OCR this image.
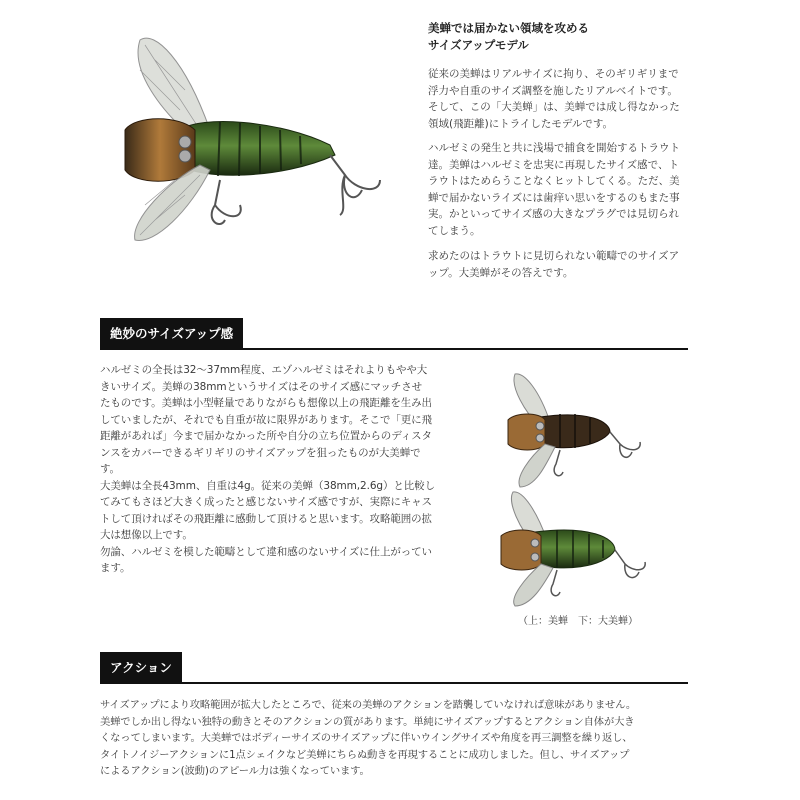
美蝉では届かない領域を攻める
サイズアップモデル

従来の美蝉はリアルサイズに拘り、そのギリギリまで
浮力や自重のサイズ調整を施したリアルベイトです。
そして、この「大美蝉」は、美蝉では成し得なかった
領域(飛距離)にトライしたモデルです。

ハルゼミの発生と共に浅場で捕食を開始するトラウト
達。美蝉はハルゼミを忠実に再現したサイズ感で、ト
ラウトはためらうことなくヒットしてくる。ただ、美
蝉で届かないライズには歯痒い思いをするのもまた事
実。かといってサイズ感の大きなプラグでは見切られ
てしまう。

求めたのはトラウトに見切られない範疇でのサイズア
ップ。大美蝉がその答えです。

絶妙のサイズアップ感

ハルゼミの全長は32～37mm程度、エゾハルゼミはそれよりもやや大
きいサイズ。美蝉の38mmというサイズはそのサイズ感にマッチさせ
たものです。美蝉は小型軽量でありながらも想像以上の飛距離を生み出
していましたが、それでも自重が故に限界があります。そこで「更に飛
距離があれば」今まで届かなかった所や自分の立ち位置からのディスタ
ンスをカバーできるギリギリのサイズアップを狙ったものが大美蝉で
す。
大美蝉は全長43mm、自重は4g。従来の美蝉（38mm,2.6g）と比較し
てみてもさほど大きく成ったと感じないサイズ感ですが、実際にキャス
トして頂ければその飛距離に感動して頂けると思います。攻略範囲の拡
大は想像以上です。
勿論、ハルゼミを模した範疇として違和感のないサイズに仕上がってい
ます。

（上：美蝉　下：大美蝉）
アクション

サイズアップにより攻略範囲が拡大したところで、従来の美蝉のアクションを踏襲していなければ意味がありません。
美蝉でしか出し得ない独特の動きとそのアクションの質があります。単純にサイズアップするとアクション自体が大き
くなってしまいます。大美蝉ではボディーサイズのサイズアップに伴いウイングサイズや角度を再三調整を繰り返し、
タイトノイジーアクションに1点シェイクなど美蝉にちらぬ動きを再現することに成功しました。但し、サイズアップ
によるアクション(波動)のアピール力は強くなっています。
